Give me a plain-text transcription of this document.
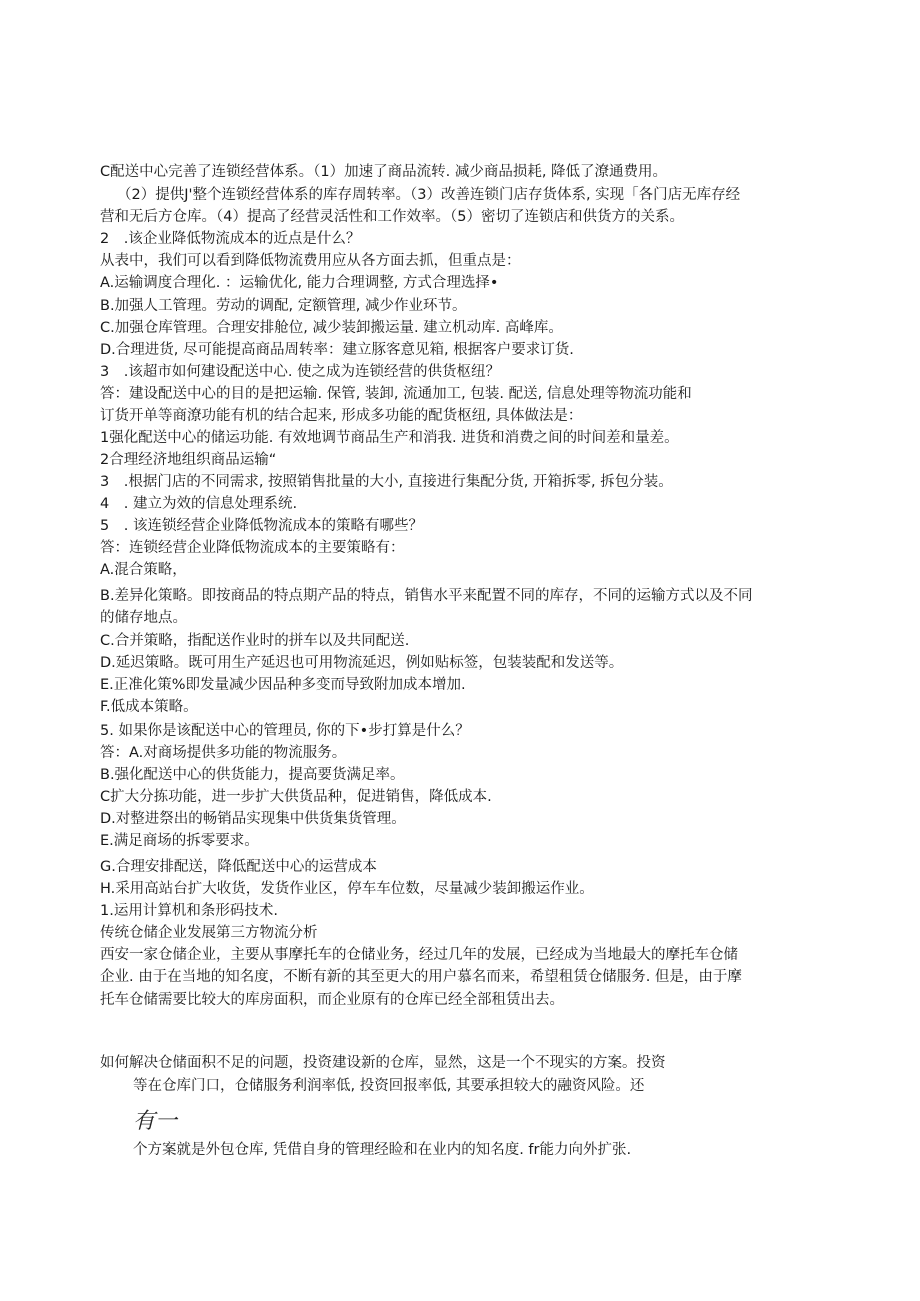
C配送中心完善了连锁经营体系。（1）加速了商品流转. 减少商品损耗, 降低了潦通费用。
（2）提供J'整个连锁经营体系的库存周转率。（3）改善连锁门店存货体系, 实现「各门店无库存经
营和无后方仓库。（4）提高了经营灵活性和工作效率。（5）密切了连锁店和供货方的关系。
2　.该企业降低物流成本的近点是什么？
从表中，我们可以看到降低物流费用应从各方面去抓，但重点是：
A.运输调度合理化. ：运输优化, 能力合理调整, 方式合理选择•
B.加强人工管理。劳动的调配, 定额管理, 减少作业环节。
C.加强仓库管理。合理安排舱位, 减少装卸搬运量. 建立机动库. 高峰库。
D.合理进货, 尽可能提高商品周转率：建立豚客意见箱, 根据客户要求订货.
3　.该超市如何建设配送中心. 使之成为连锁经营的供货枢纽？
答：建设配送中心的目的是把运输. 保管, 装卸, 流通加工, 包装. 配送, 信息处理等物流功能和
订货开单等商潦功能有机的结合起来, 形成多功能的配货枢纽, 具体做法是：
1强化配送中心的储运功能. 有效地调节商品生产和消我. 进货和消费之间的时间差和量差。
2合理经济地组织商品运输“
3　.根据门店的不同需求, 按照销售批量的大小, 直接进行集配分货, 开箱拆零, 拆包分装。
4　. 建立为效的信息处理系统.
5　. 该连锁经营企业降低物流成本的策略有哪些？
答：连锁经营企业降低物流成本的主要策略有：
A.混合策略，
B.差异化策略。即按商品的特点期产品的特点，销售水平来配置不同的库存，不同的运输方式以及不同
的储存地点。
C.合并策略，指配送作业时的拼车以及共同配送.
D.延迟策略。既可用生产延迟也可用物流延迟，例如贴标签，包装装配和发送等。
E.正准化策%即发量减少因品种多变而导致附加成本增加.
F.低成本策略。
5. 如果你是该配送中心的管理员, 你的下•步打算是什么？
答：A.对商场提供多功能的物流服务。
B.强化配送中心的供货能力，提高要货满足率。
C扩大分拣功能，进一步扩大供货品种，促进销售，降低成本.
D.对整进祭出的畅销品实现集中供货集货管理。
E.满足商场的拆零要求。
G.合理安排配送，降低配送中心的运营成本
H.采用高站台扩大收货，发货作业区，停车车位数，尽量减少装卸搬运作业。
1.运用计算机和条形码技术.
传统仓储企业发展第三方物流分析
西安一家仓储企业，主要从事摩托车的仓储业务，经过几年的发展，已经成为当地最大的摩托车仓储
企业. 由于在当地的知名度，不断有新的其至更大的用户慕名而来，希望租赁仓储服务. 但是，由于摩
托车仓储需要比较大的库房面积，而企业原有的仓库已经全部租赁出去。
如何解决仓储面积不足的问题，投资建设新的仓库，显然，这是一个不现实的方案。投资
等在仓库门口，仓储服务利润率低, 投资回报率低, 其要承担较大的融资风险。还
有一
个方案就是外包仓库, 凭借自身的管理经睑和在业内的知名度. fr能力向外扩张.
